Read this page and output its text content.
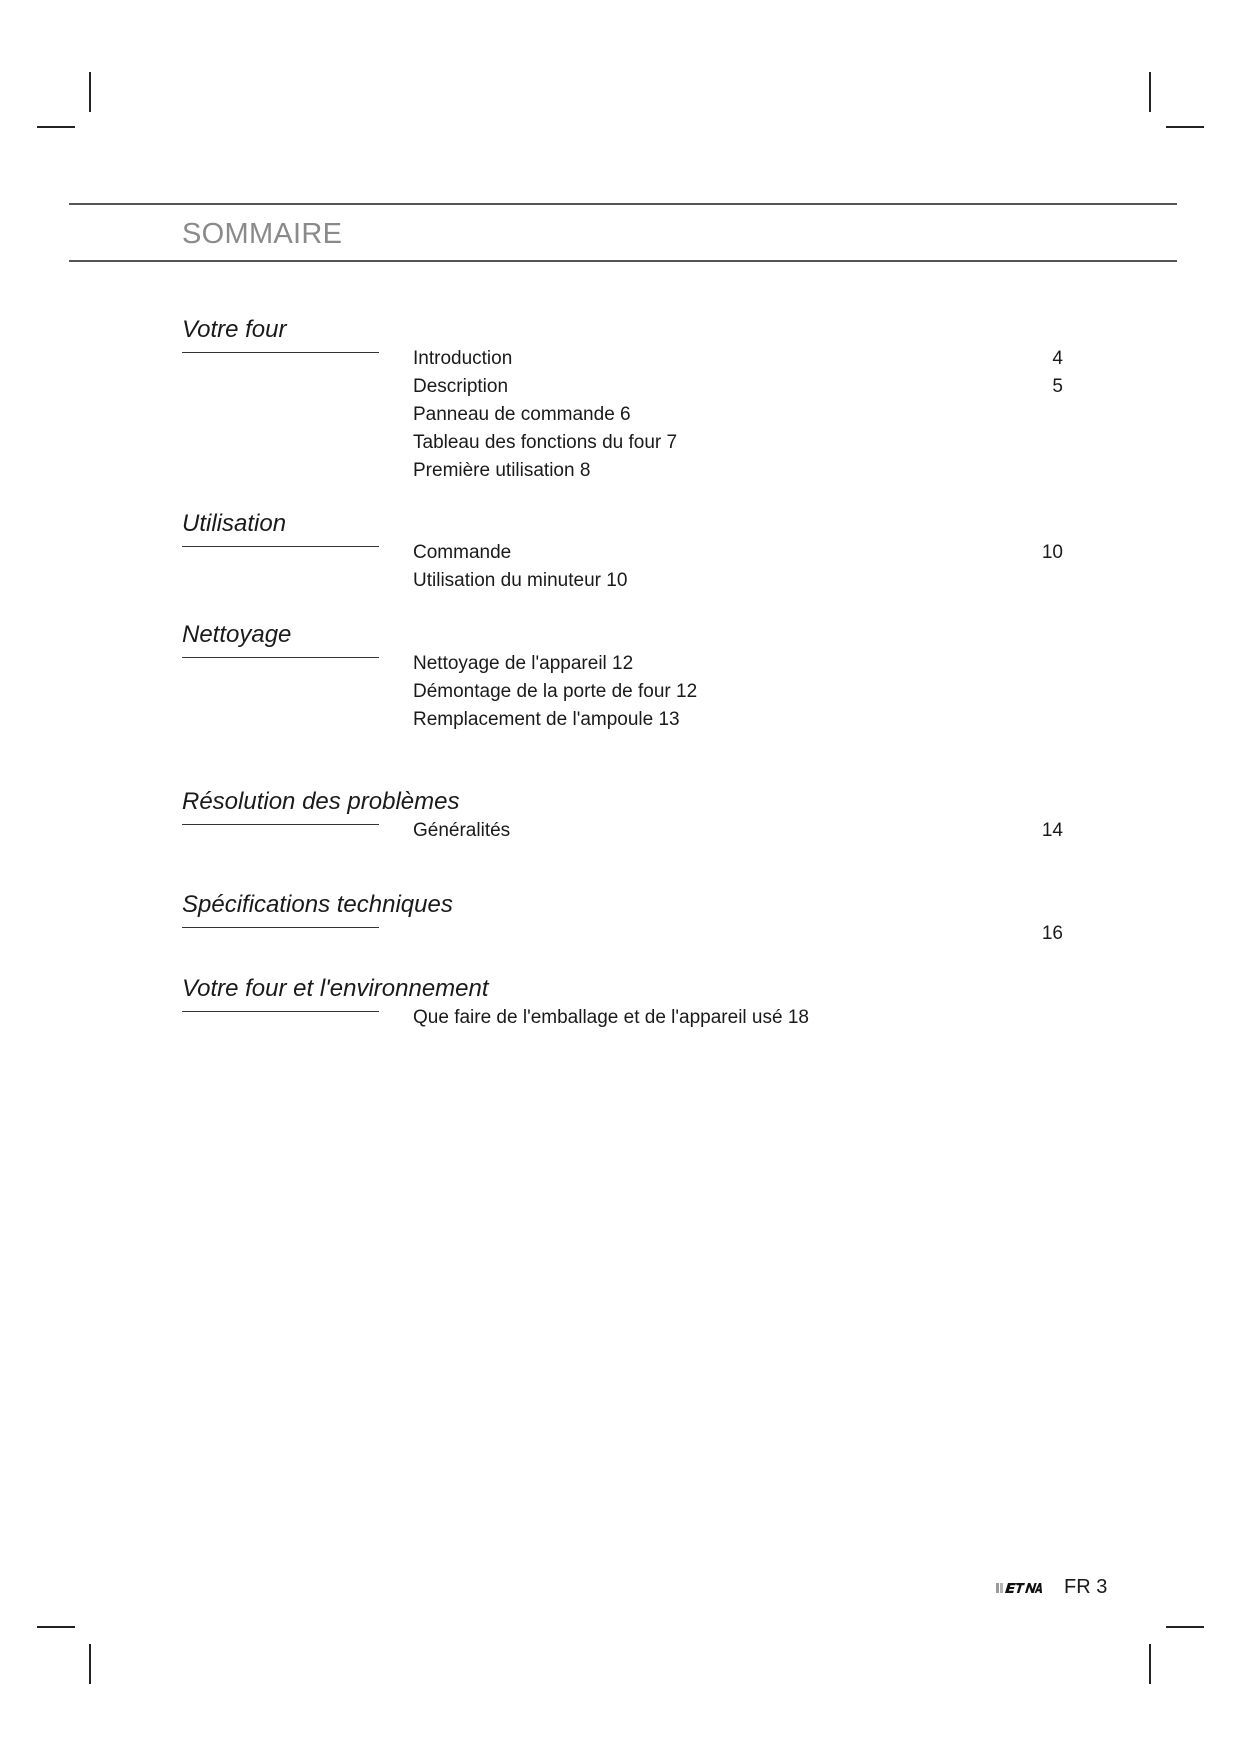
SOMMAIRE
Votre four
Introduction	4
Description	5
Panneau de commande 6
Tableau des fonctions du four 7
Première utilisation 8
Utilisation
Commande	10
Utilisation du minuteur 10
Nettoyage
Nettoyage de l'appareil 12
Démontage de la porte de four 12
Remplacement de l'ampoule 13
Résolution des problèmes
Généralités	14
Spécifications techniques
16
Votre four et l'environnement
Que faire de l'emballage et de l'appareil usé 18
FR 3
